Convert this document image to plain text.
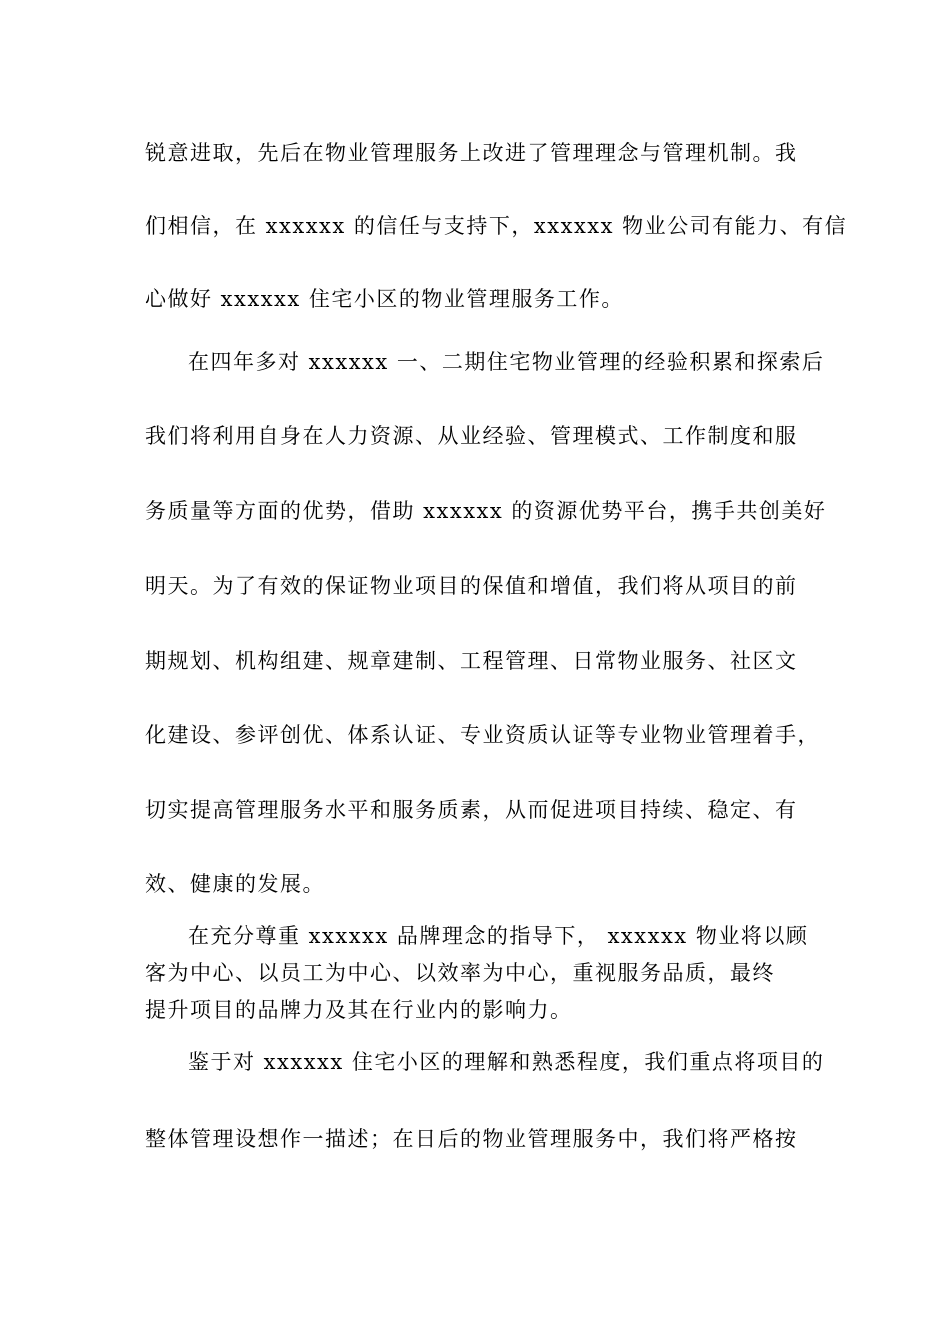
锐意进取，先后在物业管理服务上改进了管理理念与管理机制。我
们相信，在 xxxxxx 的信任与支持下，xxxxxx 物业公司有能力、有信
心做好 xxxxxx 住宅小区的物业管理服务工作。
在四年多对 xxxxxx 一、二期住宅物业管理的经验积累和探索后
我们将利用自身在人力资源、从业经验、管理模式、工作制度和服
务质量等方面的优势，借助 xxxxxx 的资源优势平台，携手共创美好
明天。为了有效的保证物业项目的保值和增值，我们将从项目的前
期规划、机构组建、规章建制、工程管理、日常物业服务、社区文
化建设、参评创优、体系认证、专业资质认证等专业物业管理着手，
切实提高管理服务水平和服务质素，从而促进项目持续、稳定、有
效、健康的发展。
在充分尊重 xxxxxx 品牌理念的指导下， xxxxxx 物业将以顾
客为中心、以员工为中心、以效率为中心，重视服务品质，最终
提升项目的品牌力及其在行业内的影响力。
鉴于对 xxxxxx 住宅小区的理解和熟悉程度，我们重点将项目的
整体管理设想作一描述；在日后的物业管理服务中，我们将严格按
